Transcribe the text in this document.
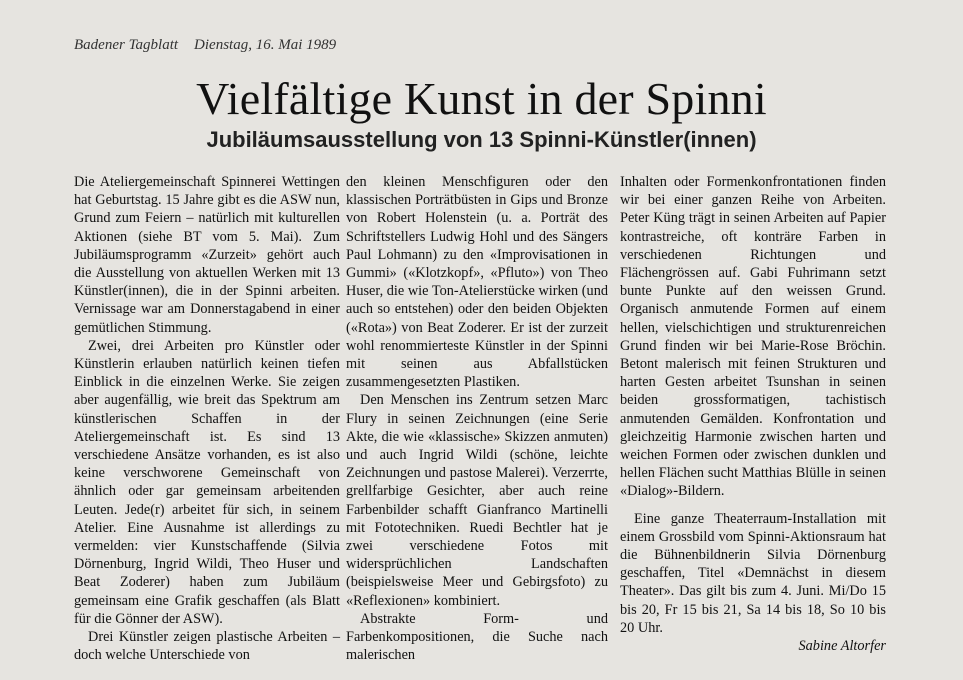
Badener Tagblatt Dienstag, 16. Mai 1989
Vielfältige Kunst in der Spinni
Jubiläumsausstellung von 13 Spinni-Künstler(innen)

Die Ateliergemeinschaft Spinnerei Wettingen hat Geburtstag. 15 Jahre gibt es die ASW nun, Grund zum Feiern – natürlich mit kulturellen Aktionen (siehe BT vom 5. Mai). Zum Jubiläumsprogramm «Zurzeit» gehört auch die Ausstellung von aktuellen Werken mit 13 Künstler(innen), die in der Spinni arbeiten. Vernissage war am Donnerstagabend in einer gemütlichen Stimmung.

Zwei, drei Arbeiten pro Künstler oder Künstlerin erlauben natürlich keinen tiefen Einblick in die einzelnen Werke. Sie zeigen aber augenfällig, wie breit das Spektrum am künstlerischen Schaffen in der Ateliergemeinschaft ist. Es sind 13 verschiedene Ansätze vorhanden, es ist also keine verschworene Gemeinschaft von ähnlich oder gar gemeinsam arbeitenden Leuten. Jede(r) arbeitet für sich, in seinem Atelier. Eine Ausnahme ist allerdings zu vermelden: vier Kunstschaffende (Silvia Dörnenburg, Ingrid Wildi, Theo Huser und Beat Zoderer) haben zum Jubiläum gemeinsam eine Grafik geschaffen (als Blatt für die Gönner der ASW).

Drei Künstler zeigen plastische Arbeiten – doch welche Unterschiede von

den kleinen Menschfiguren oder den klassischen Porträtbüsten in Gips und Bronze von Robert Holenstein (u. a. Porträt des Schriftstellers Ludwig Hohl und des Sängers Paul Lohmann) zu den «Improvisationen in Gummi» («Klotzkopf», «Pfluto») von Theo Huser, die wie Ton-Atelierstücke wirken (und auch so entstehen) oder den beiden Objekten («Rota») von Beat Zoderer. Er ist der zurzeit wohl renommierteste Künstler in der Spinni mit seinen aus Abfallstücken zusammengesetzten Plastiken.

Den Menschen ins Zentrum setzen Marc Flury in seinen Zeichnungen (eine Serie Akte, die wie «klassische» Skizzen anmuten) und auch Ingrid Wildi (schöne, leichte Zeichnungen und pastose Malerei). Verzerrte, grellfarbige Gesichter, aber auch reine Farbenbilder schafft Gianfranco Martinelli mit Fototechniken. Ruedi Bechtler hat je zwei verschiedene Fotos mit widersprüchlichen Landschaften (beispielsweise Meer und Gebirgsfoto) zu «Reflexionen» kombiniert.

Abstrakte Form- und Farbenkompositionen, die Suche nach malerischen

Inhalten oder Formenkonfrontationen finden wir bei einer ganzen Reihe von Arbeiten. Peter Küng trägt in seinen Arbeiten auf Papier kontrastreiche, oft konträre Farben in verschiedenen Richtungen und Flächengrössen auf. Gabi Fuhrimann setzt bunte Punkte auf den weissen Grund. Organisch anmutende Formen auf einem hellen, vielschichtigen und strukturenreichen Grund finden wir bei Marie-Rose Bröchin. Betont malerisch mit feinen Strukturen und harten Gesten arbeitet Tsunshan in seinen beiden grossformatigen, tachistisch anmutenden Gemälden. Konfrontation und gleichzeitig Harmonie zwischen harten und weichen Formen oder zwischen dunklen und hellen Flächen sucht Matthias Blülle in seinen «Dialog»-Bildern.

Eine ganze Theaterraum-Installation mit einem Grossbild vom Spinni-Aktionsraum hat die Bühnenbildnerin Silvia Dörnenburg geschaffen, Titel «Demnächst in diesem Theater». Das gilt bis zum 4. Juni. Mi/Do 15 bis 20, Fr 15 bis 21, Sa 14 bis 18, So 10 bis 20 Uhr.

Sabine Altorfer
